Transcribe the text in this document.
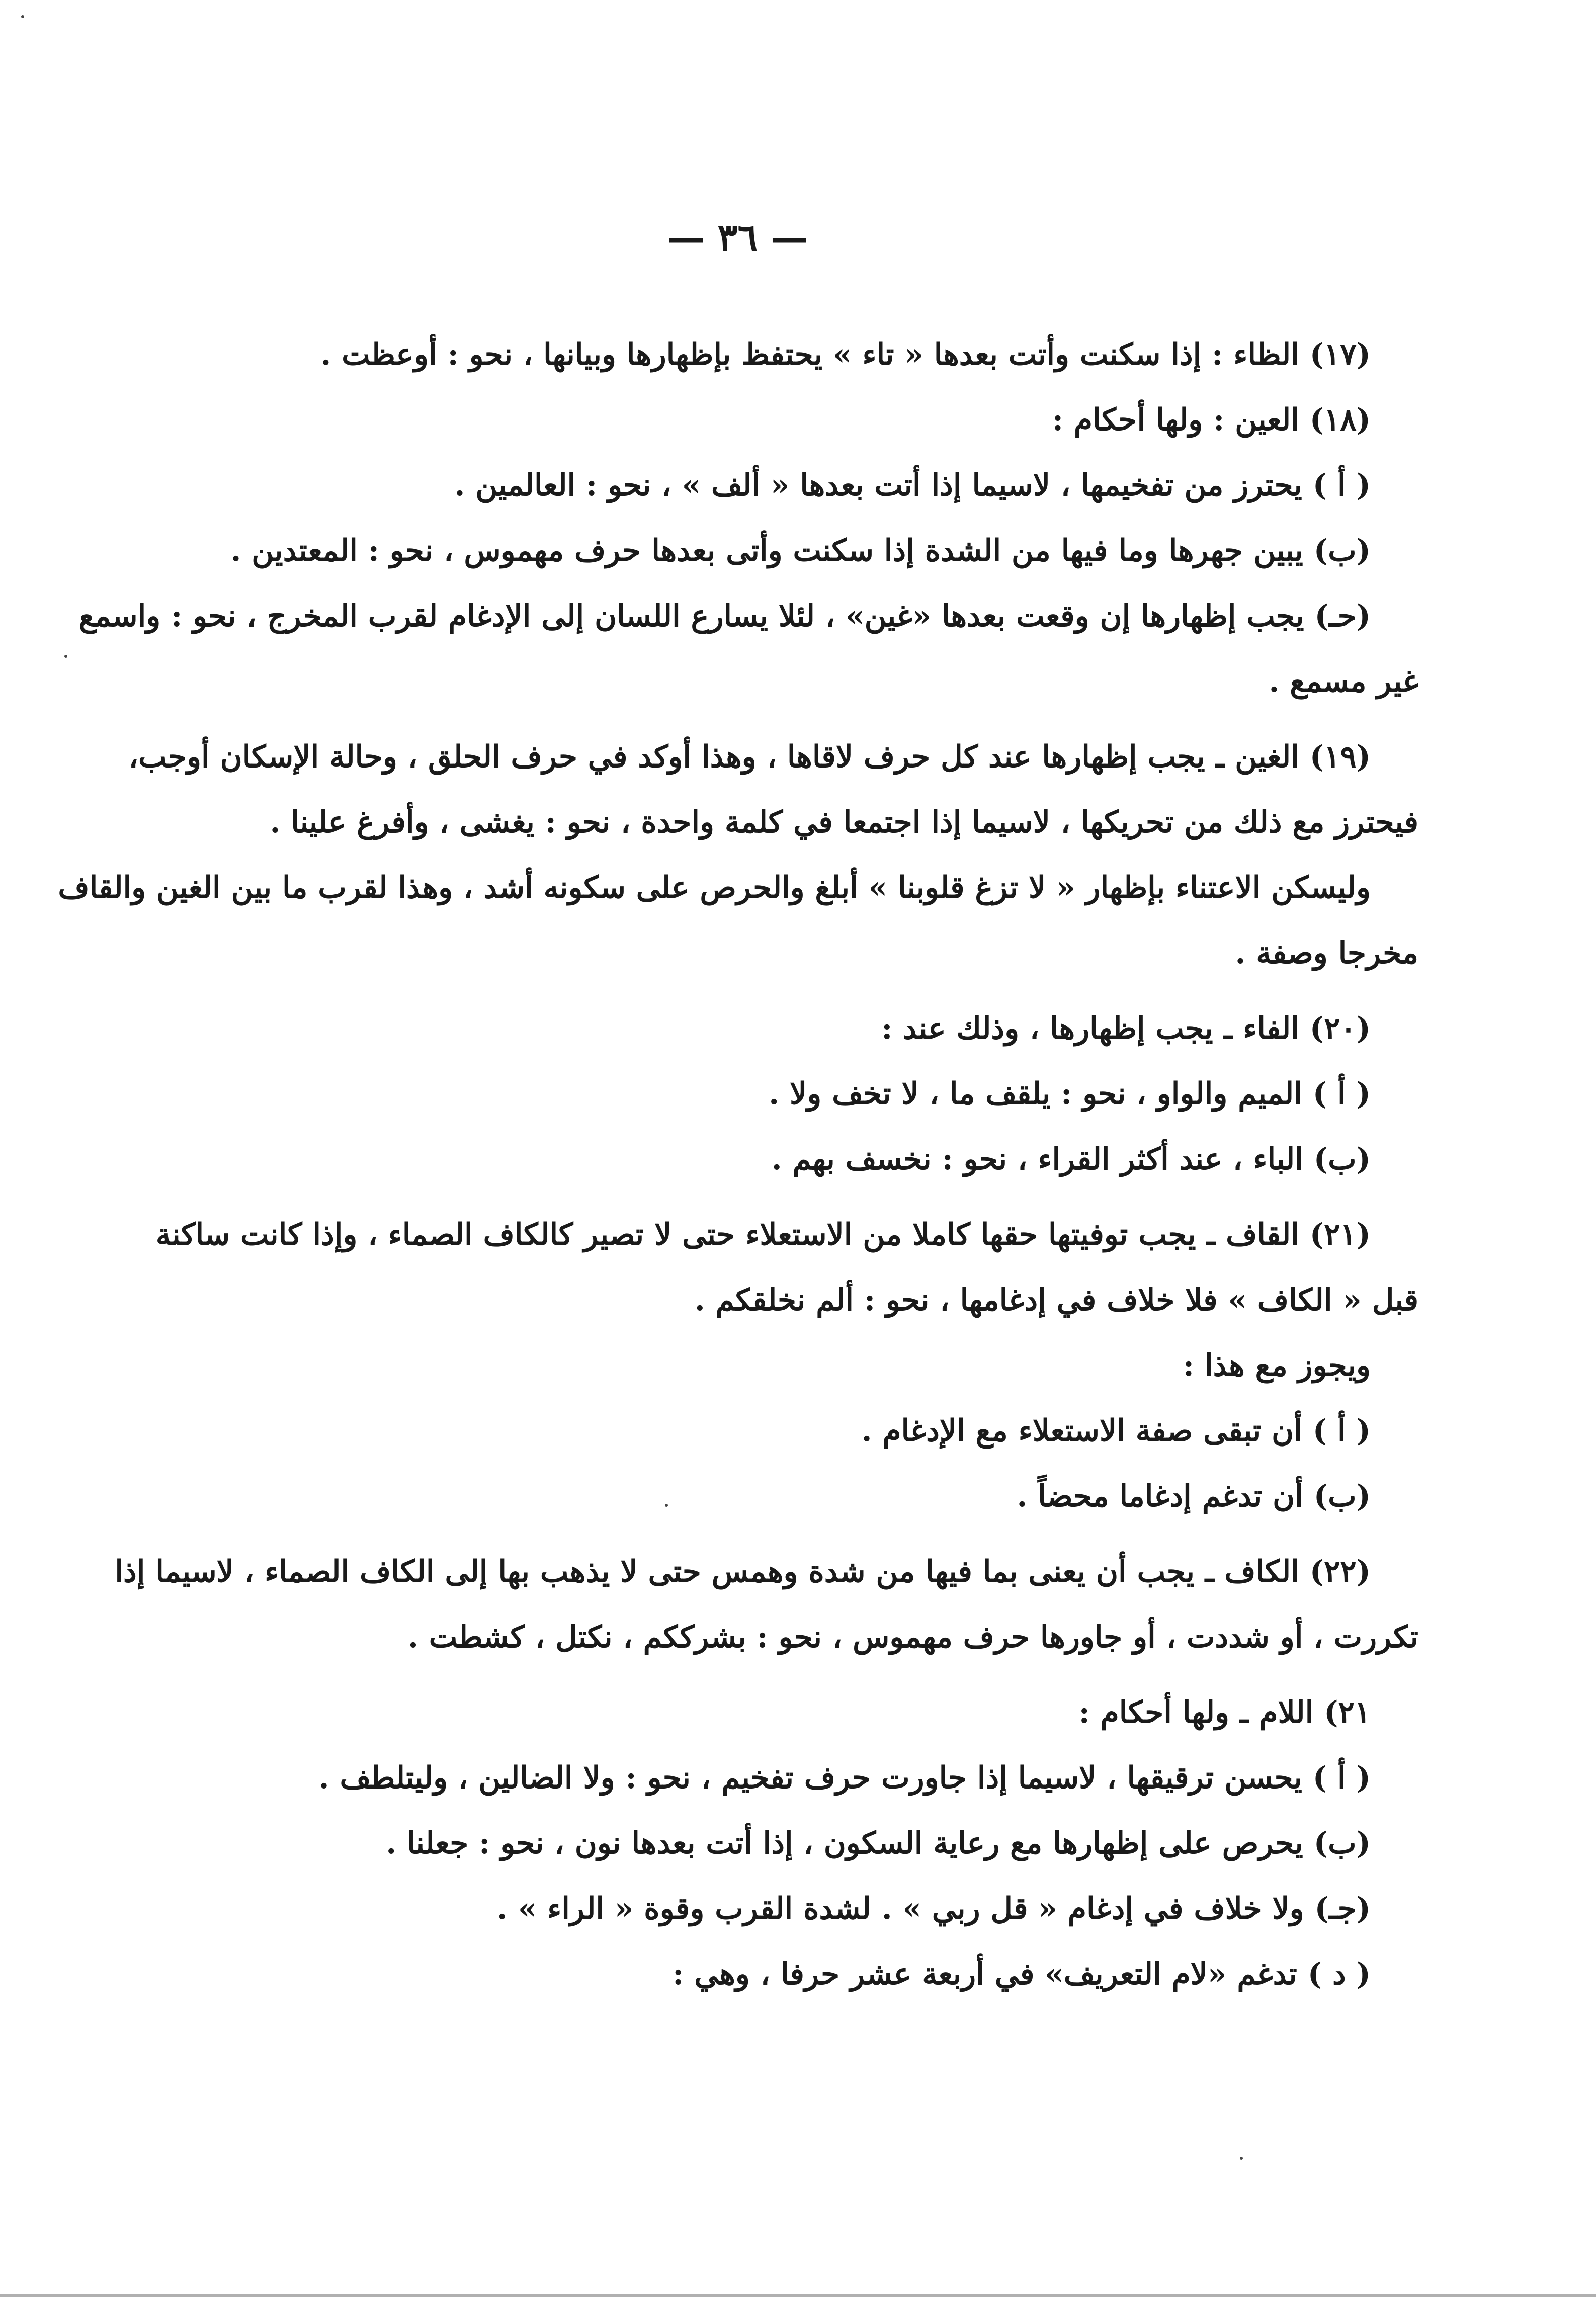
— ٣٦ —
(١٧) الظاء : إذا سكنت وأتت بعدها « تاء » يحتفظ بإظهارها وبيانها ، نحو : أوعظت .
(١٨) العين : ولها أحكام :
( أ ) يحترز من تفخيمها ، لاسيما إذا أتت بعدها « ألف » ، نحو : العالمين .
(ب) يبين جهرها وما فيها من الشدة إذا سكنت وأتى بعدها حرف مهموس ، نحو : المعتدين .
(حـ) يجب إظهارها إن وقعت بعدها «غين» ، لئلا يسارع اللسان إلى الإدغام لقرب المخرج ، نحو : واسمع
غير مسمع .
(١٩) الغين ـ يجب إظهارها عند كل حرف لاقاها ، وهذا أوكد في حرف الحلق ، وحالة الإسكان أوجب،
فيحترز مع ذلك من تحريكها ، لاسيما إذا اجتمعا في كلمة واحدة ، نحو : يغشى ، وأفرغ علينا .
وليسكن الاعتناء بإظهار « لا تزغ قلوبنا » أبلغ والحرص على سكونه أشد ، وهذا لقرب ما بين الغين والقاف
مخرجا وصفة .
(٢٠) الفاء ـ يجب إظهارها ، وذلك عند :
( أ ) الميم والواو ، نحو : يلقف ما ، لا تخف ولا .
(ب) الباء ، عند أكثر القراء ، نحو : نخسف بهم .
(٢١) القاف ـ يجب توفيتها حقها كاملا من الاستعلاء حتى لا تصير كالكاف الصماء ، وإذا كانت ساكنة
قبل « الكاف » فلا خلاف في إدغامها ، نحو : ألم نخلقكم .
ويجوز مع هذا :
( أ ) أن تبقى صفة الاستعلاء مع الإدغام .
(ب) أن تدغم إدغاما محضاً .
(٢٢) الكاف ـ يجب أن يعنى بما فيها من شدة وهمس حتى لا يذهب بها إلى الكاف الصماء ، لاسيما إذا
تكررت ، أو شددت ، أو جاورها حرف مهموس ، نحو : بشرككم ، نكتل ، كشطت .
٢١) اللام ـ ولها أحكام :
( أ ) يحسن ترقيقها ، لاسيما إذا جاورت حرف تفخيم ، نحو : ولا الضالين ، وليتلطف .
(ب) يحرص على إظهارها مع رعاية السكون ، إذا أتت بعدها نون ، نحو : جعلنا .
(جـ) ولا خلاف في إدغام « قل ربي » . لشدة القرب وقوة « الراء » .
( د ) تدغم «لام التعريف» في أربعة عشر حرفا ، وهي :
